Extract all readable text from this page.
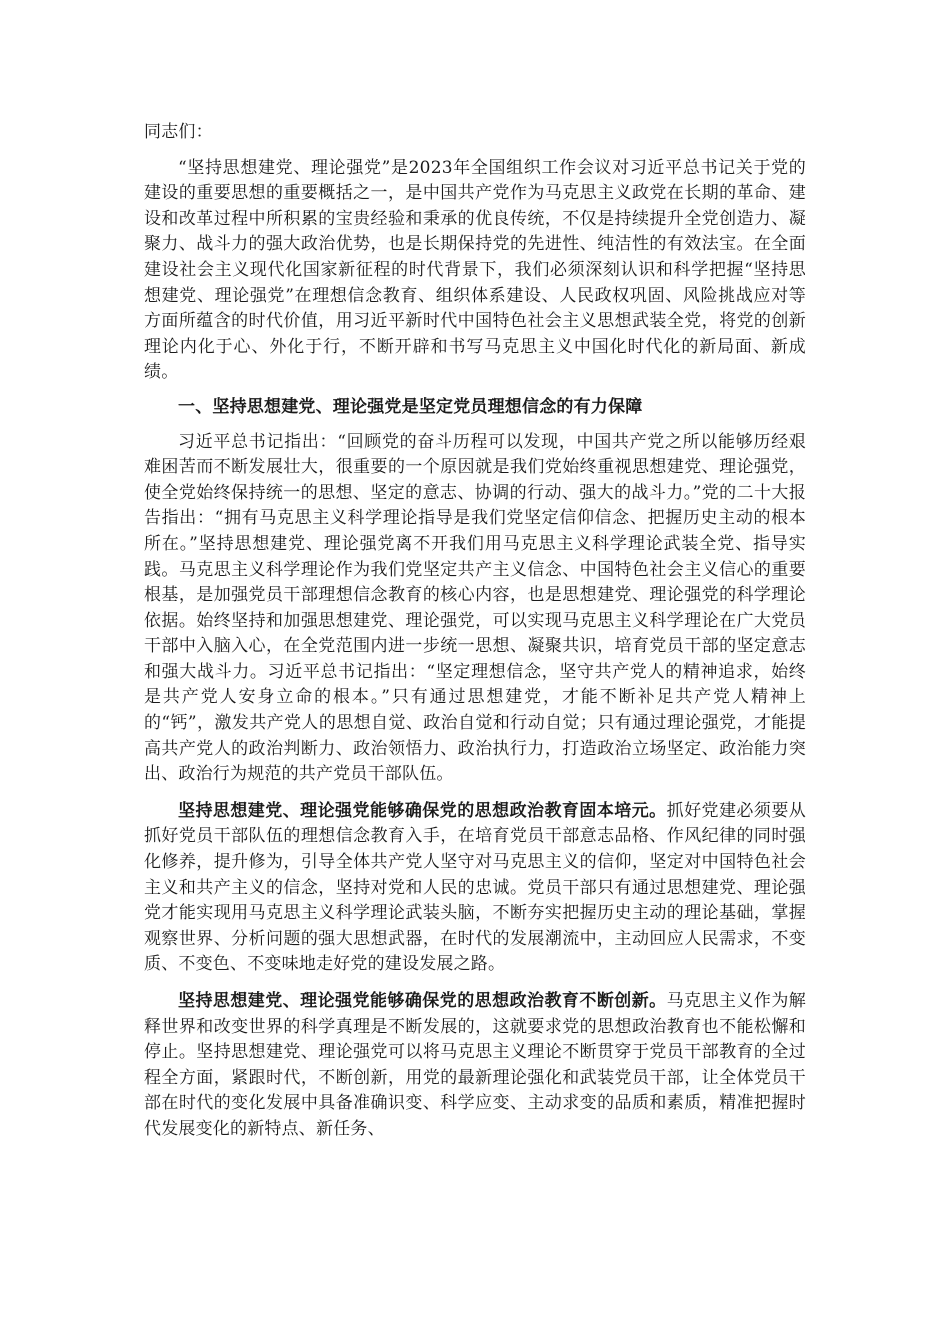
同志们：

“坚持思想建党、理论强党”是2023年全国组织工作会议对习近平总书记关于党的建设的重要思想的重要概括之一，是中国共产党作为马克思主义政党在长期的革命、建设和改革过程中所积累的宝贵经验和秉承的优良传统，不仅是持续提升全党创造力、凝聚力、战斗力的强大政治优势，也是长期保持党的先进性、纯洁性的有效法宝。在全面建设社会主义现代化国家新征程的时代背景下，我们必须深刻认识和科学把握“坚持思想建党、理论强党”在理想信念教育、组织体系建设、人民政权巩固、风险挑战应对等方面所蕴含的时代价值，用习近平新时代中国特色社会主义思想武装全党，将党的创新理论内化于心、外化于行，不断开辟和书写马克思主义中国化时代化的新局面、新成绩。

一、坚持思想建党、理论强党是坚定党员理想信念的有力保障

习近平总书记指出：“回顾党的奋斗历程可以发现，中国共产党之所以能够历经艰难困苦而不断发展壮大，很重要的一个原因就是我们党始终重视思想建党、理论强党，使全党始终保持统一的思想、坚定的意志、协调的行动、强大的战斗力。”党的二十大报告指出：“拥有马克思主义科学理论指导是我们党坚定信仰信念、把握历史主动的根本所在。”坚持思想建党、理论强党离不开我们用马克思主义科学理论武装全党、指导实践。马克思主义科学理论作为我们党坚定共产主义信念、中国特色社会主义信心的重要根基，是加强党员干部理想信念教育的核心内容，也是思想建党、理论强党的科学理论依据。始终坚持和加强思想建党、理论强党，可以实现马克思主义科学理论在广大党员干部中入脑入心，在全党范围内进一步统一思想、凝聚共识，培育党员干部的坚定意志和强大战斗力。习近平总书记指出：“坚定理想信念，坚守共产党人的精神追求，始终是共产党人安身立命的根本。”只有通过思想建党，才能不断补足共产党人精神上的“钙”，激发共产党人的思想自觉、政治自觉和行动自觉；只有通过理论强党，才能提高共产党人的政治判断力、政治领悟力、政治执行力，打造政治立场坚定、政治能力突出、政治行为规范的共产党员干部队伍。

坚持思想建党、理论强党能够确保党的思想政治教育固本培元。抓好党建必须要从抓好党员干部队伍的理想信念教育入手，在培育党员干部意志品格、作风纪律的同时强化修养，提升修为，引导全体共产党人坚守对马克思主义的信仰，坚定对中国特色社会主义和共产主义的信念，坚持对党和人民的忠诚。党员干部只有通过思想建党、理论强党才能实现用马克思主义科学理论武装头脑，不断夯实把握历史主动的理论基础，掌握观察世界、分析问题的强大思想武器，在时代的发展潮流中，主动回应人民需求，不变质、不变色、不变味地走好党的建设发展之路。

坚持思想建党、理论强党能够确保党的思想政治教育不断创新。马克思主义作为解释世界和改变世界的科学真理是不断发展的，这就要求党的思想政治教育也不能松懈和停止。坚持思想建党、理论强党可以将马克思主义理论不断贯穿于党员干部教育的全过程全方面，紧跟时代，不断创新，用党的最新理论强化和武装党员干部，让全体党员干部在时代的变化发展中具备准确识变、科学应变、主动求变的品质和素质，精准把握时代发展变化的新特点、新任务、
